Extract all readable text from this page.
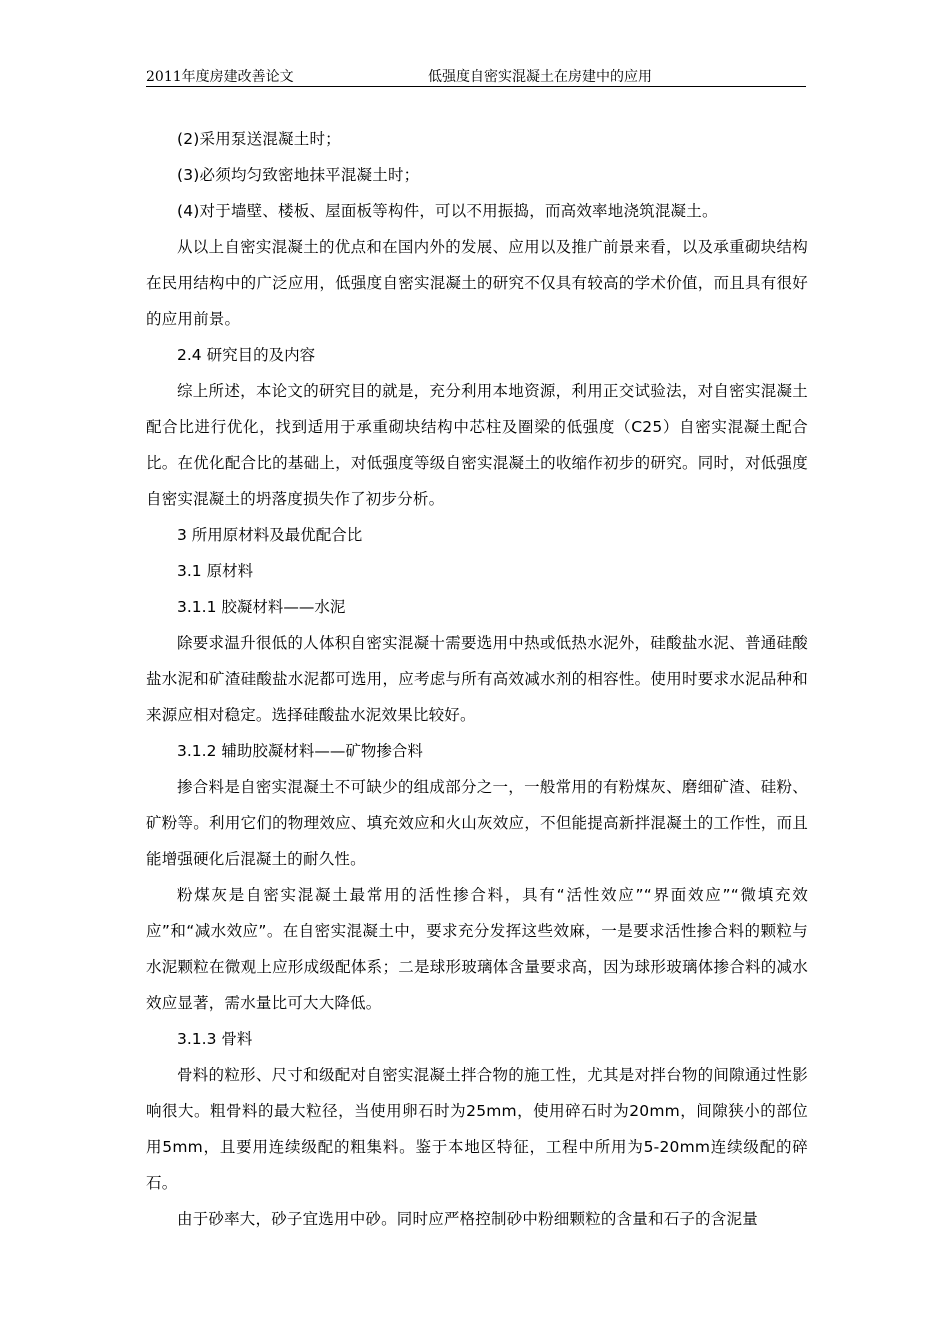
2011年度房建改善论文	低强度自密实混凝土在房建中的应用

(2)采用泵送混凝土时；

(3)必须均匀致密地抹平混凝土时；

(4)对于墙壁、楼板、屋面板等构件，可以不用振捣，而高效率地浇筑混凝土。

从以上自密实混凝土的优点和在国内外的发展、应用以及推广前景来看，以及承重砌块结构在民用结构中的广泛应用，低强度自密实混凝土的研究不仅具有较高的学术价值，而且具有很好的应用前景。

2.4 研究目的及内容

综上所述，本论文的研究目的就是，充分利用本地资源，利用正交试验法，对自密实混凝土配合比进行优化，找到适用于承重砌块结构中芯柱及圈梁的低强度（C25）自密实混凝土配合比。在优化配合比的基础上，对低强度等级自密实混凝土的收缩作初步的研究。同时，对低强度自密实混凝土的坍落度损失作了初步分析。

3 所用原材料及最优配合比

3.1 原材料

3.1.1 胶凝材料——水泥

除要求温升很低的人体积自密实混凝十需要选用中热或低热水泥外，硅酸盐水泥、普通硅酸盐水泥和矿渣硅酸盐水泥都可选用，应考虑与所有高效减水剂的相容性。使用时要求水泥品种和来源应相对稳定。选择硅酸盐水泥效果比较好。

3.1.2 辅助胶凝材料——矿物掺合料

掺合料是自密实混凝土不可缺少的组成部分之一，一般常用的有粉煤灰、磨细矿渣、硅粉、矿粉等。利用它们的物理效应、填充效应和火山灰效应，不但能提高新拌混凝土的工作性，而且能增强硬化后混凝土的耐久性。

粉煤灰是自密实混凝土最常用的活性掺合料，具有“活性效应”“界面效应”“微填充效应”和“减水效应”。在自密实混凝土中，要求充分发挥这些效麻，一是要求活性掺合料的颗粒与水泥颗粒在微观上应形成级配体系；二是球形玻璃体含量要求高，因为球形玻璃体掺合料的减水效应显著，需水量比可大大降低。

3.1.3 骨料

骨料的粒形、尺寸和级配对自密实混凝土拌合物的施工性，尤其是对拌台物的间隙通过性影响很大。粗骨料的最大粒径，当使用卵石时为25mm，使用碎石时为20mm，间隙狭小的部位用5mm，且要用连续级配的粗集料。鉴于本地区特征，工程中所用为5-20mm连续级配的碎石。

由于砂率大，砂子宜选用中砂。同时应严格控制砂中粉细颗粒的含量和石子的含泥量
